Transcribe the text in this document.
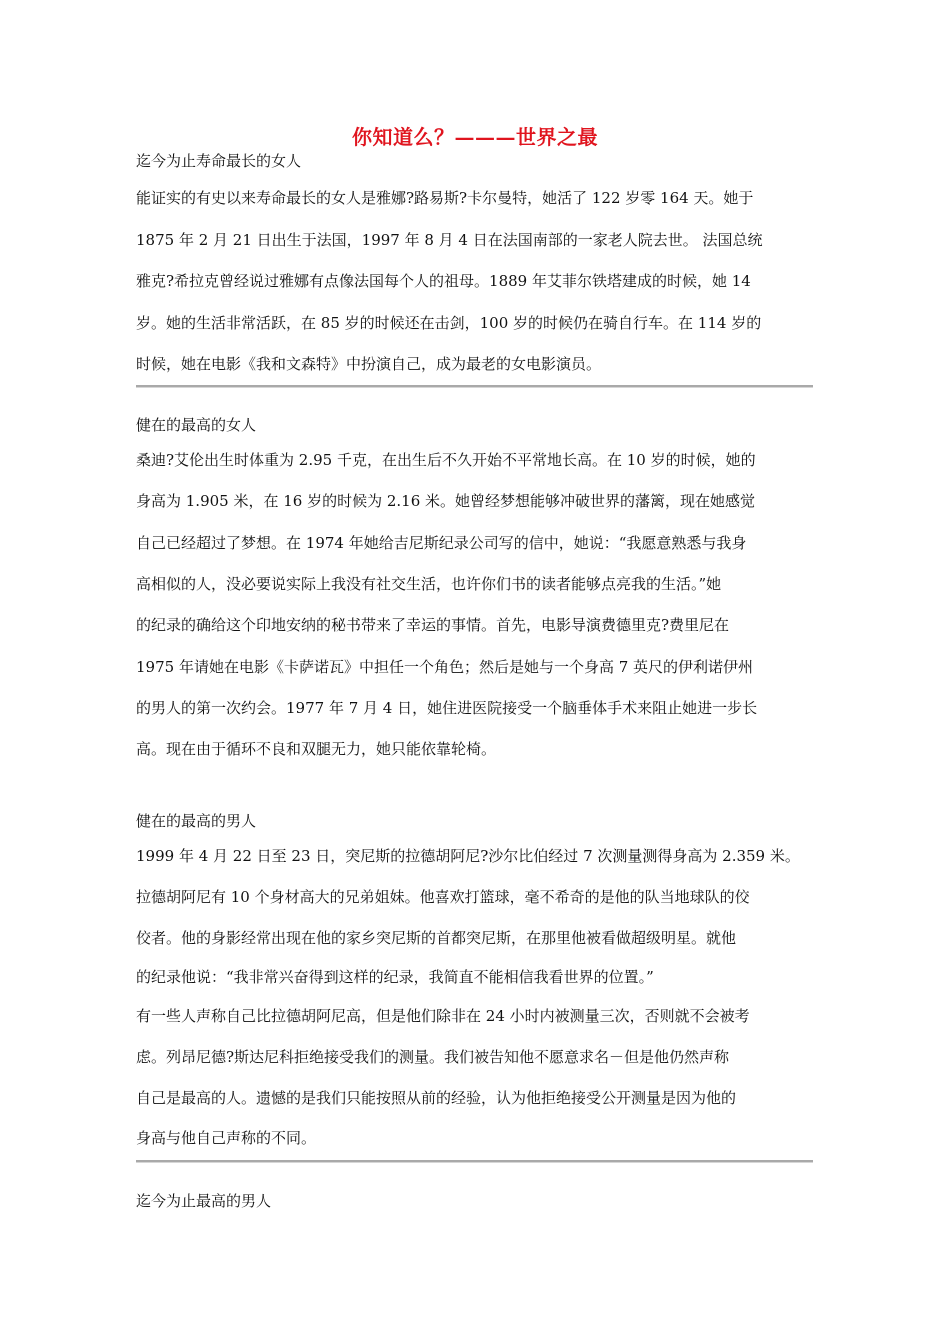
你知道么？———世界之最
迄今为止寿命最长的女人
能证实的有史以来寿命最长的女人是雅娜?路易斯?卡尔曼特，她活了 122 岁零 164 天。她于
1875 年 2 月 21 日出生于法国，1997 年 8 月 4 日在法国南部的一家老人院去世。 法国总统
雅克?希拉克曾经说过雅娜有点像法国每个人的祖母。1889 年艾菲尔铁塔建成的时候，她 14
岁。她的生活非常活跃，在 85 岁的时候还在击剑，100 岁的时候仍在骑自行车。在 114 岁的
时候，她在电影《我和文森特》中扮演自己，成为最老的女电影演员。
健在的最高的女人
桑迪?艾伦出生时体重为 2.95 千克，在出生后不久开始不平常地长高。在 10 岁的时候，她的
身高为 1.905 米，在 16 岁的时候为 2.16 米。她曾经梦想能够冲破世界的藩篱，现在她感觉
自己已经超过了梦想。在 1974 年她给吉尼斯纪录公司写的信中，她说：“我愿意熟悉与我身
高相似的人，没必要说实际上我没有社交生活，也许你们书的读者能够点亮我的生活。”她
的纪录的确给这个印地安纳的秘书带来了幸运的事情。首先，电影导演费德里克?费里尼在
1975 年请她在电影《卡萨诺瓦》中担任一个角色；然后是她与一个身高 7 英尺的伊利诺伊州
的男人的第一次约会。1977 年 7 月 4 日，她住进医院接受一个脑垂体手术来阻止她进一步长
高。现在由于循环不良和双腿无力，她只能依靠轮椅。
健在的最高的男人
1999 年 4 月 22 日至 23 日，突尼斯的拉德胡阿尼?沙尔比伯经过 7 次测量测得身高为 2.359 米。
拉德胡阿尼有 10 个身材高大的兄弟姐妹。他喜欢打篮球，毫不希奇的是他的队当地球队的佼
佼者。他的身影经常出现在他的家乡突尼斯的首都突尼斯，在那里他被看做超级明星。就他
的纪录他说：“我非常兴奋得到这样的纪录，我简直不能相信我看世界的位置。”
有一些人声称自己比拉德胡阿尼高，但是他们除非在 24 小时内被测量三次，否则就不会被考
虑。列昂尼德?斯达尼科拒绝接受我们的测量。我们被告知他不愿意求名－但是他仍然声称
自己是最高的人。遗憾的是我们只能按照从前的经验，认为他拒绝接受公开测量是因为他的
身高与他自己声称的不同。
迄今为止最高的男人
